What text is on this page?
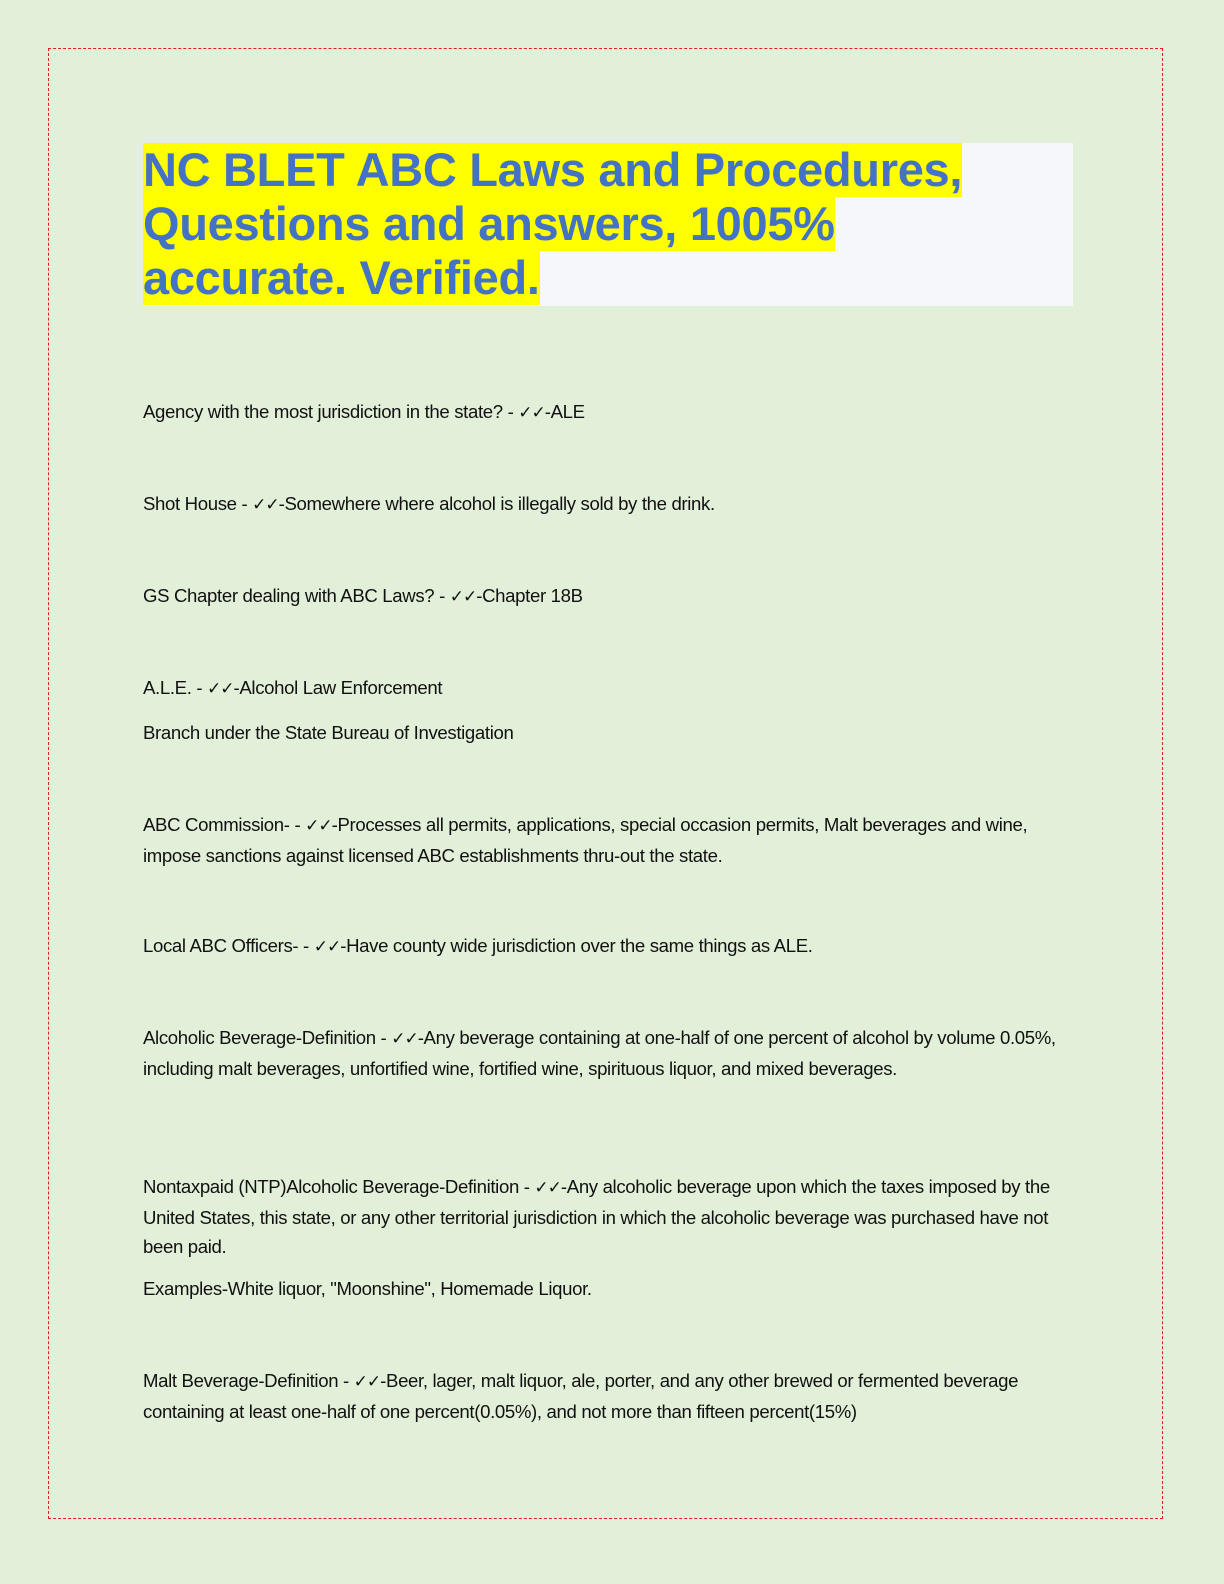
NC BLET ABC Laws and Procedures,
Questions and answers, 1005%
accurate. Verified.

Agency with the most jurisdiction in the state? - ✓✓-ALE

Shot House - ✓✓-Somewhere where alcohol is illegally sold by the drink.

GS Chapter dealing with ABC Laws? - ✓✓-Chapter 18B

A.L.E. - ✓✓-Alcohol Law Enforcement

Branch under the State Bureau of Investigation

ABC Commission- - ✓✓-Processes all permits, applications, special occasion permits, Malt beverages and wine, impose sanctions against licensed ABC establishments thru-out the state.

Local ABC Officers- - ✓✓-Have county wide jurisdiction over the same things as ALE.

Alcoholic Beverage-Definition - ✓✓-Any beverage containing at one-half of one percent of alcohol by volume 0.05%, including malt beverages, unfortified wine, fortified wine, spirituous liquor, and mixed beverages.

Nontaxpaid (NTP)Alcoholic Beverage-Definition - ✓✓-Any alcoholic beverage upon which the taxes imposed by the United States, this state, or any other territorial jurisdiction in which the alcoholic beverage was purchased have not been paid.

Examples-White liquor, "Moonshine", Homemade Liquor.

Malt Beverage-Definition - ✓✓-Beer, lager, malt liquor, ale, porter, and any other brewed or fermented beverage containing at least one-half of one percent(0.05%), and not more than fifteen percent(15%)
